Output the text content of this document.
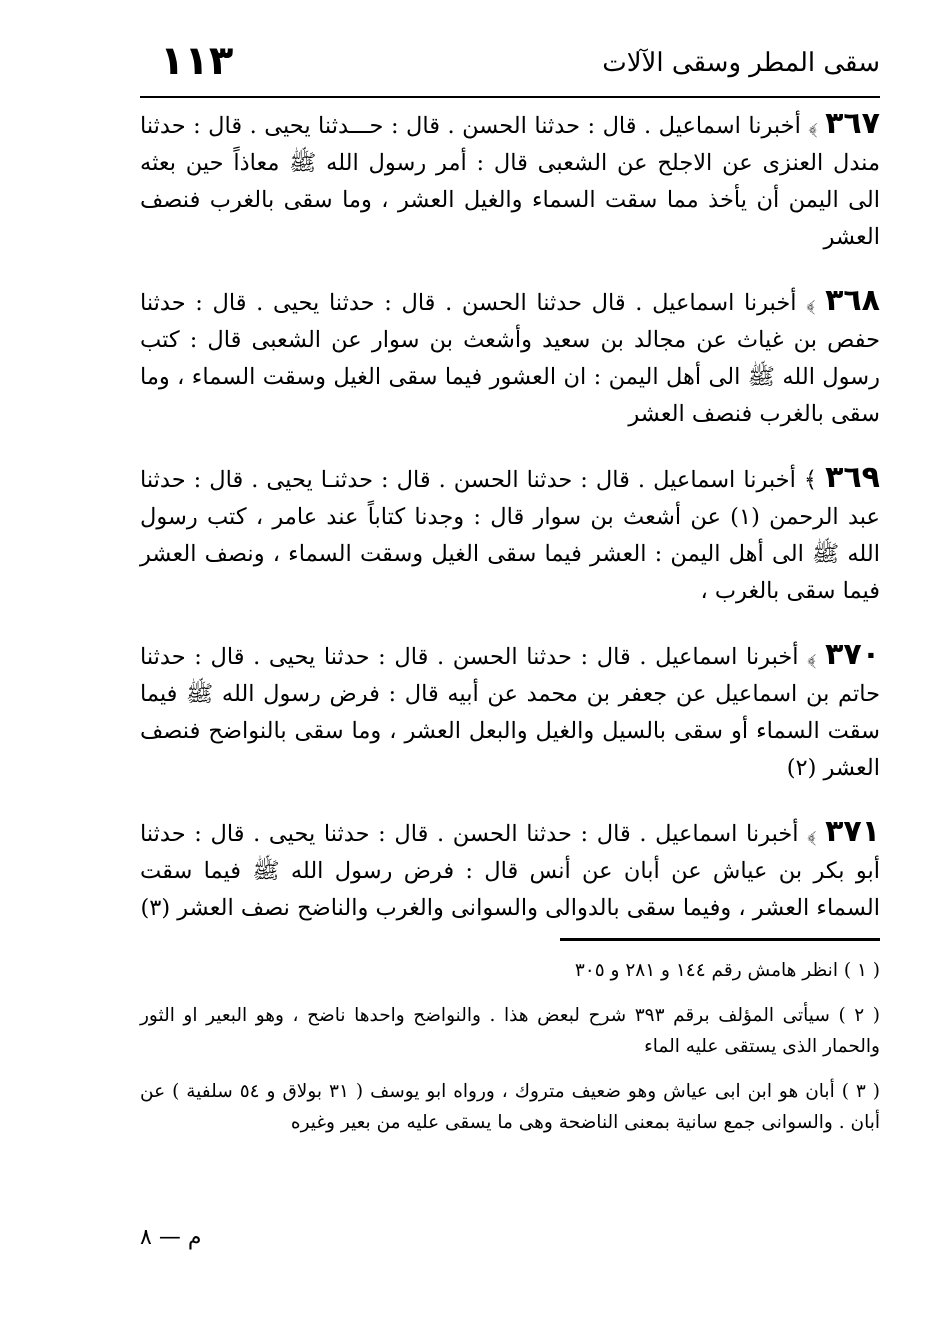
١١٣	سقى المطر وسقى الآلات

٣٦٧ ﴾ أخبرنا اسماعيل . قال : حدثنا الحسن . قال : حـــدثنا يحيى . قال : حدثنا مندل العنزى عن الاجلح عن الشعبى قال : أمر رسول الله ﷺ معاذاً حين بعثه الى اليمن أن يأخذ مما سقت السماء والغيل العشر ، وما سقى بالغرب فنصف العشر

٣٦٨ ﴾ أخبرنا اسماعيل . قال حدثنا الحسن . قال : حدثنا يحيى . قال : حدثنا حفص بن غياث عن مجالد بن سعيد وأشعث بن سوار عن الشعبى قال : كتب رسول الله ﷺ الى أهل اليمن : ان العشور فيما سقى الغيل وسقت السماء ، وما سقى بالغرب فنصف العشر

٣٦٩ ﴾ أخبرنا اسماعيل . قال : حدثنا الحسن . قال : حدثنـا يحيى . قال : حدثنا عبد الرحمن (١) عن أشعث بن سوار قال : وجدنا كتاباً عند عامر ، كتب رسول الله ﷺ الى أهل اليمن : العشر فيما سقى الغيل وسقت السماء ، ونصف العشر فيما سقى بالغرب ،

٣٧٠ ﴾ أخبرنا اسماعيل . قال : حدثنا الحسن . قال : حدثنا يحيى . قال : حدثنا حاتم بن اسماعيل عن جعفر بن محمد عن أبيه قال : فرض رسول الله ﷺ فيما سقت السماء أو سقى بالسيل والغيل والبعل العشر ، وما سقى بالنواضح فنصف العشر (٢)

٣٧١ ﴾ أخبرنا اسماعيل . قال : حدثنا الحسن . قال : حدثنا يحيى . قال : حدثنا أبو بكر بن عياش عن أبان عن أنس قال : فرض رسول الله ﷺ فيما سقت السماء العشر ، وفيما سقى بالدوالى والسوانى والغرب والناضح نصف العشر (٣)

( ١ ) انظر هامش رقم ١٤٤ و ٢٨١ و ٣٠٥

( ٢ ) سيأتى المؤلف برقم ٣٩٣ شرح لبعض هذا . والنواضح واحدها ناضح ، وهو البعير او الثور والحمار الذى يستقى عليه الماء

( ٣ ) أبان هو ابن ابى عياش وهو ضعيف متروك ، ورواه ابو يوسف ( ٣١ بولاق و ٥٤ سلفية ) عن أبان . والسوانى جمع سانية بمعنى الناضحة وهى ما يسقى عليه من بعير وغيره

م — ٨
